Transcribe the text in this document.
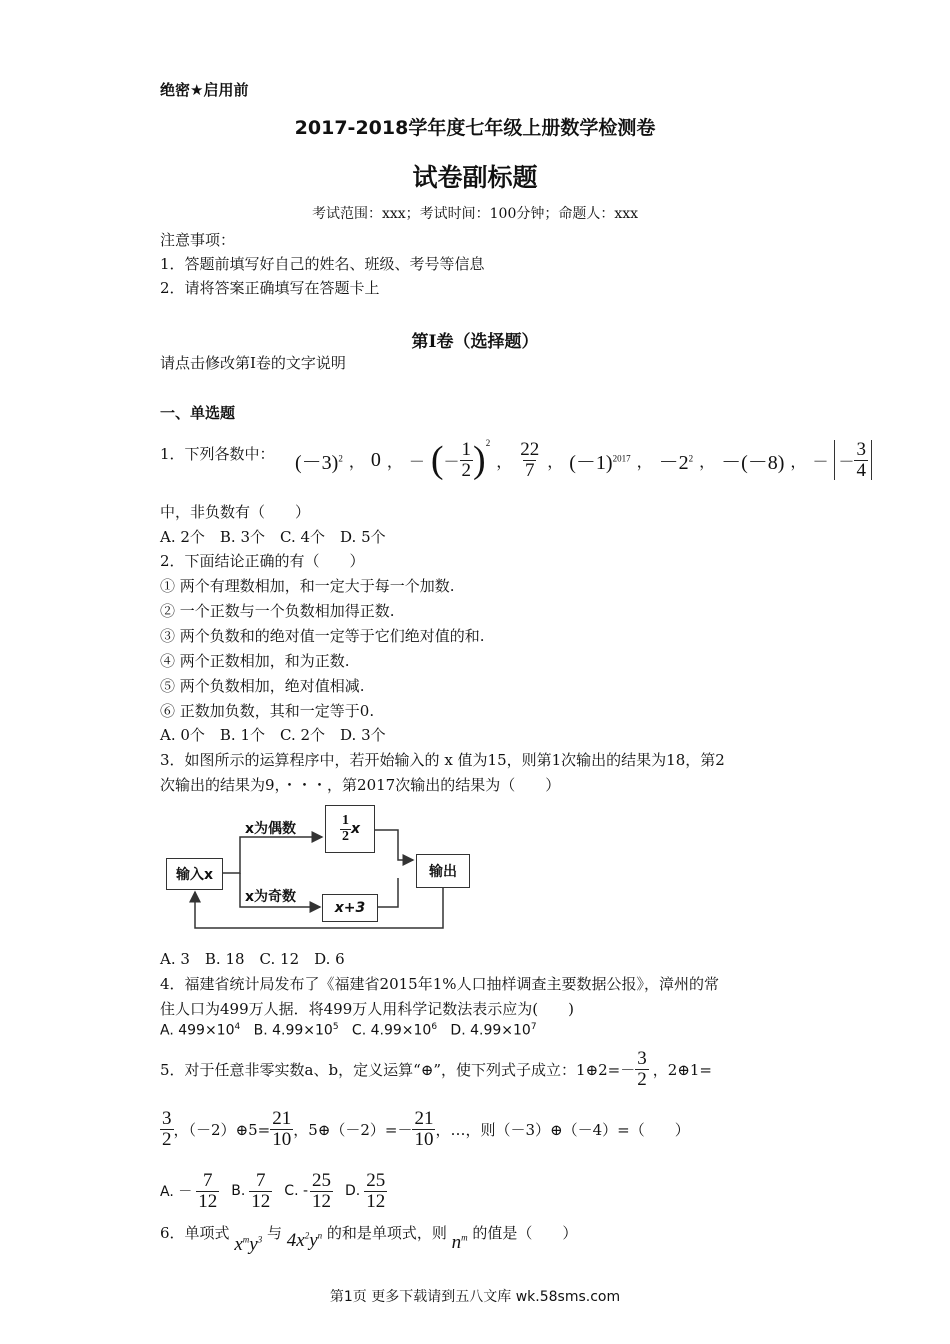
绝密★启用前
2017-2018学年度七年级上册数学检测卷
试卷副标题
考试范围：xxx；考试时间：100分钟；命题人：xxx
注意事项：
1．答题前填写好自己的姓名、班级、考号等信息
2．请将答案正确填写在答题卡上
第I卷（选择题）
请点击修改第I卷的文字说明
一、单选题
1．下列各数中： $(-3)^2$ ， 0 ， － ( － $\frac{1}{2} )^2$
， $\frac{22}{7}$ ， $(-1)^{2017}$ ， $-2^2$ ， －(－8) ， － － $\frac{3}{4}$
中，非负数有（　　）
A. 2个　B. 3个　C. 4个　D. 5个
2．下面结论正确的有（　　）
① 两个有理数相加，和一定大于每一个加数.
② 一个正数与一个负数相加得正数.
③ 两个负数和的绝对值一定等于它们绝对值的和.
④ 两个正数相加，和为正数.
⑤ 两个负数相加，绝对值相减.
⑥ 正数加负数，其和一定等于0.
A. 0个　B. 1个　C. 2个　D. 3个
3．如图所示的运算程序中，若开始输入的 x 值为15，则第1次输出的结果为18，第2
次输出的结果为9，・・・，第2017次输出的结果为（　　）
输入x
x为偶数
x为奇数
$\frac{1}{2}$ x
x+3
输出
A. 3　B. 18　C. 12　D. 6
4．福建省统计局发布了《福建省2015年1%人口抽样调查主要数据公报》，漳州的常
住人口为499万人据．将499万人用科学记数法表示应为(　　)
A. $499\times 10^4$ B. $4.99\times 10^5$ C. $4.99\times 10^6$ D. $4.99\times 10^7$
5．对于任意非零实数a、b，定义运算“⊕”，使下列式子成立：1⊕2=－ $\frac{3}{2}$ ，2⊕1=
$\frac{3}{2}$ ，（－2）⊕5= $\frac{21}{10}$ ，5⊕（－2）=－ $\frac{21}{10}$ ，…，则（－3）⊕（－4）=（　　）
A. － $\frac{7}{12} B$. $\frac{7}{12} C$. - $\frac{25}{12} D$. $\frac{25}{12}$
6．单项式 $x^my^3$ 与 $4x^2y^n$ 的和是单项式，则 $n^m$ 的值是（　　）
第1页 更多下载请到五八文库 wk.58sms.com
